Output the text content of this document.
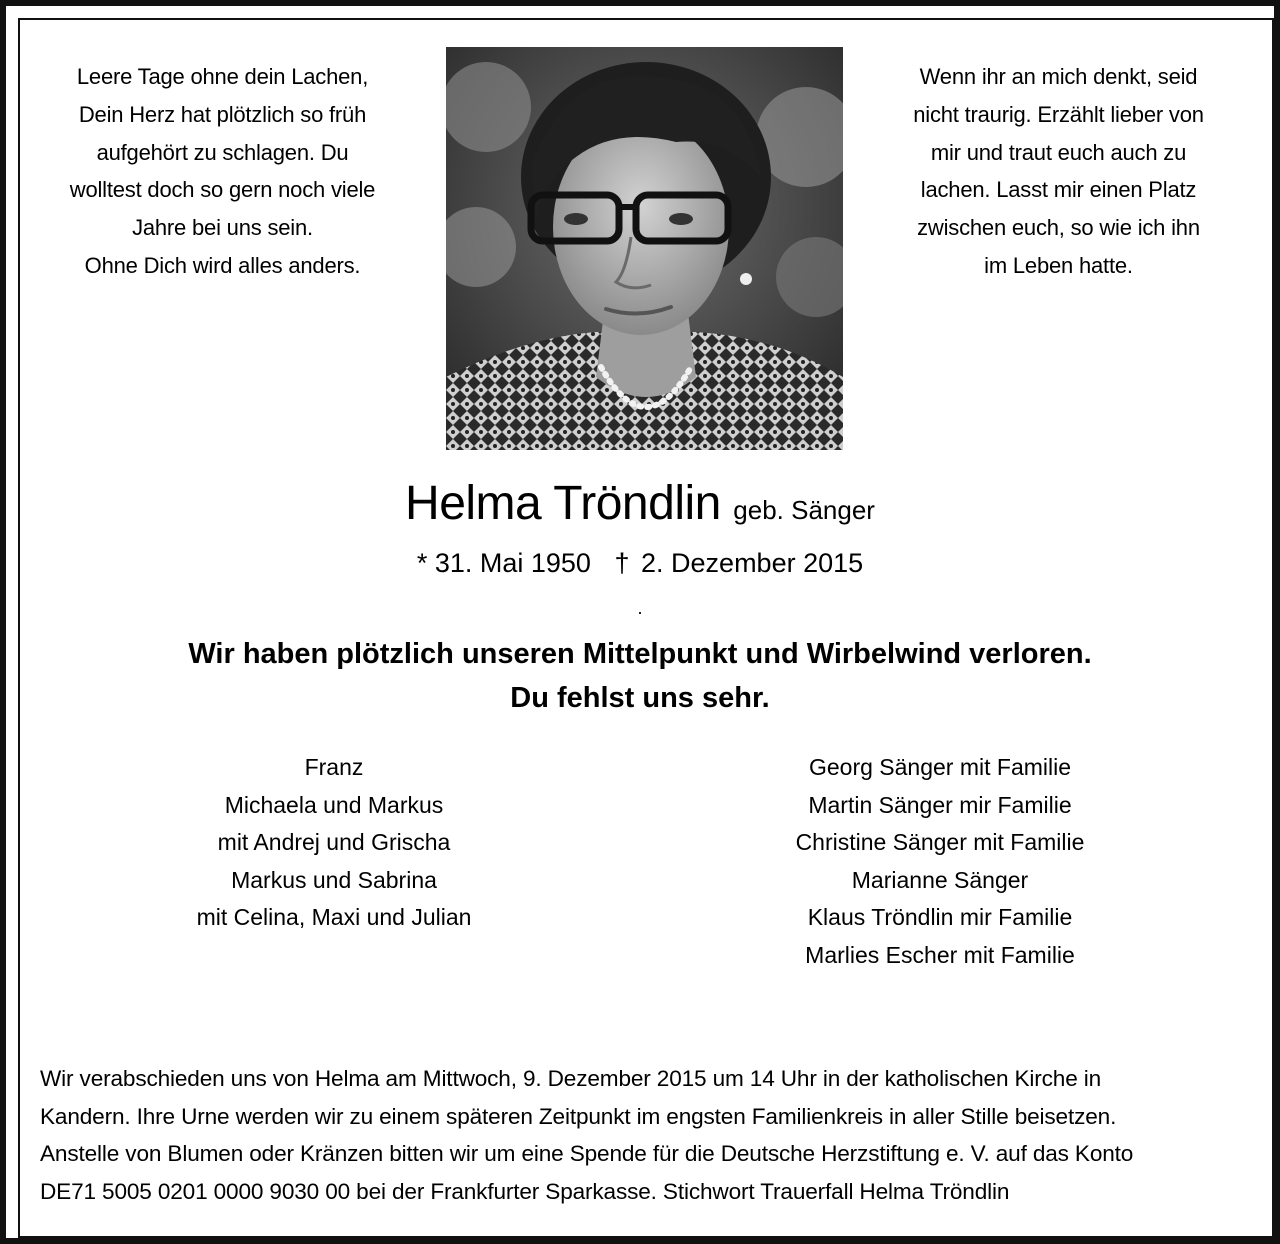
Leere Tage ohne dein Lachen,
Dein Herz hat plötzlich so früh
aufgehört zu schlagen. Du
wolltest doch so gern noch viele
Jahre bei uns sein.
Ohne Dich wird alles anders.
Wenn ihr an mich denkt, seid
nicht traurig. Erzählt lieber von
mir und traut euch auch zu
lachen. Lasst mir einen Platz
zwischen euch, so wie ich ihn
im Leben hatte.
Helma Tröndlin geb. Sänger
* 31. Mai 1950 † 2. Dezember 2015
Wir haben plötzlich unseren Mittelpunkt und Wirbelwind verloren.
Du fehlst uns sehr.
Franz
Michaela und Markus
mit Andrej und Grischa
Markus und Sabrina
mit Celina, Maxi und Julian
Georg Sänger mit Familie
Martin Sänger mir Familie
Christine Sänger mit Familie
Marianne Sänger
Klaus Tröndlin mir Familie
Marlies Escher mit Familie
Wir verabschieden uns von Helma am Mittwoch, 9. Dezember 2015 um 14 Uhr in der katholischen Kirche in
Kandern. Ihre Urne werden wir zu einem späteren Zeitpunkt im engsten Familienkreis in aller Stille beisetzen.
Anstelle von Blumen oder Kränzen bitten wir um eine Spende für die Deutsche Herzstiftung e. V. auf das Konto
DE71 5005 0201 0000 9030 00 bei der Frankfurter Sparkasse. Stichwort Trauerfall Helma Tröndlin
